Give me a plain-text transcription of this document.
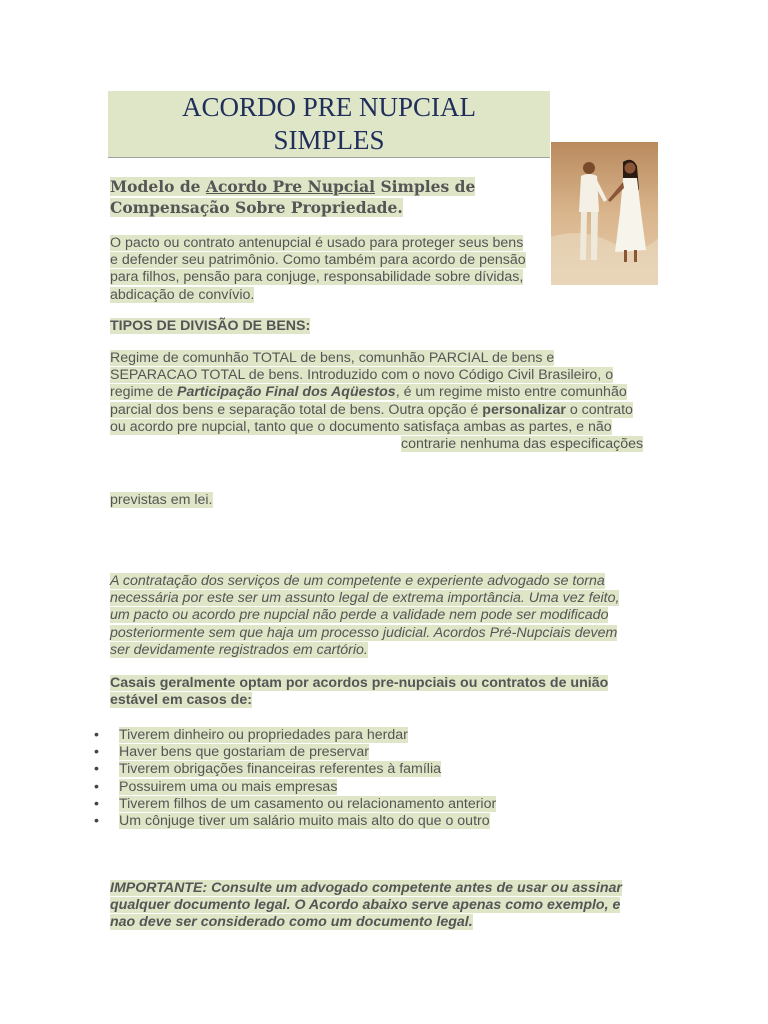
ACORDO PRE NUPCIAL
SIMPLES
Modelo de Acordo Pre Nupcial Simples de
Compensação Sobre Propriedade.
O pacto ou contrato antenupcial é usado para proteger seus bens
e defender seu patrimônio. Como também para acordo de pensão
para filhos, pensão para conjuge, responsabilidade sobre dívidas,
abdicação de convívio.
TIPOS DE DIVISÃO DE BENS:
Regime de comunhão TOTAL de bens, comunhão PARCIAL de bens e
SEPARACAO TOTAL de bens. Introduzido com o novo Código Civil Brasileiro, o
regime de Participação Final dos Aqüestos, é um regime misto entre comunhão
parcial dos bens e separação total de bens. Outra opção é personalizar o contrato
ou acordo pre nupcial, tanto que o documento satisfaça ambas as partes, e não
contrarie nenhuma das especificações
previstas em lei.
A contratação dos serviços de um competente e experiente advogado se torna
necessária por este ser um assunto legal de extrema importância. Uma vez feito,
um pacto ou acordo pre nupcial não perde a validade nem pode ser modificado
posteriormente sem que haja um processo judicial. Acordos Pré-Nupciais devem
ser devidamente registrados em cartório.
Casais geralmente optam por acordos pre-nupciais ou contratos de união
estável em casos de:
• Tiverem dinheiro ou propriedades para herdar
• Haver bens que gostariam de preservar
• Tiverem obrigações financeiras referentes à família
• Possuirem uma ou mais empresas
• Tiverem filhos de um casamento ou relacionamento anterior
• Um cônjuge tiver um salário muito mais alto do que o outro
IMPORTANTE: Consulte um advogado competente antes de usar ou assinar
qualquer documento legal. O Acordo abaixo serve apenas como exemplo, e
nao deve ser considerado como um documento legal.
